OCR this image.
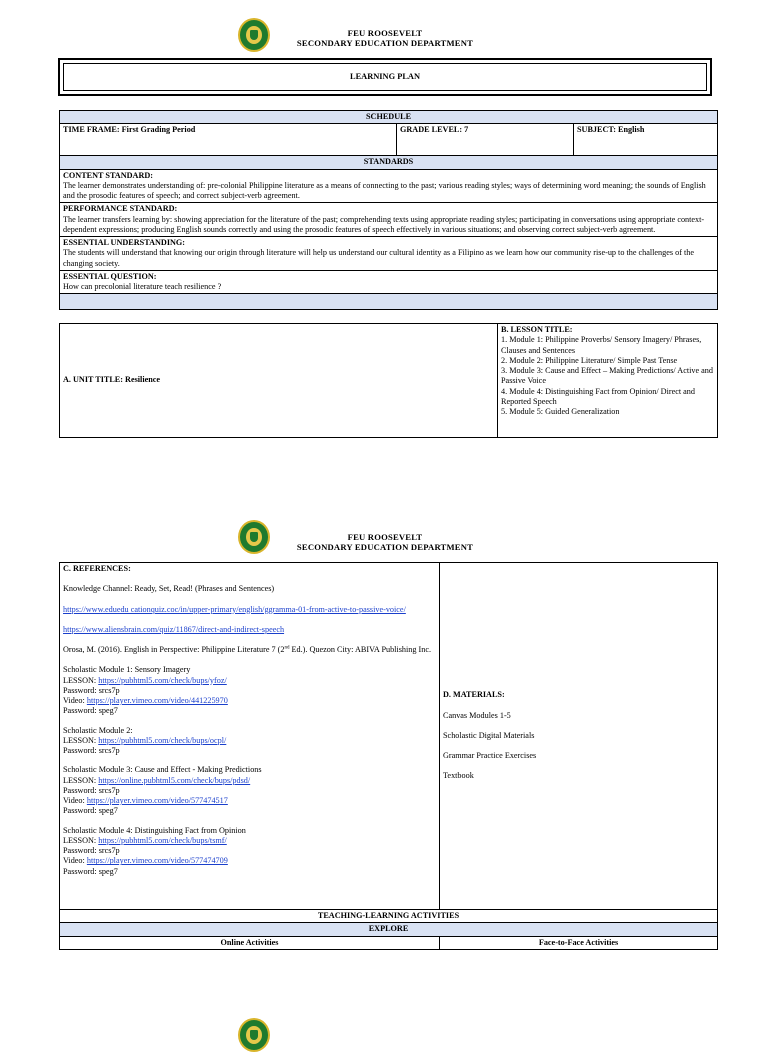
FEU ROOSEVELT
SECONDARY EDUCATION DEPARTMENT
LEARNING PLAN
SCHEDULE
TIME FRAME: First Grading Period	GRADE LEVEL: 7	SUBJECT: English
STANDARDS
CONTENT STANDARD:
The learner demonstrates understanding of: pre-colonial Philippine literature as a means of connecting to the past; various reading styles; ways of determining word meaning; the sounds of English and the prosodic features of speech; and correct subject-verb agreement.
PERFORMANCE STANDARD:
The learner transfers learning by: showing appreciation for the literature of the past; comprehending texts using appropriate reading styles; participating in conversations using appropriate context-dependent expressions; producing English sounds correctly and using the prosodic features of speech effectively in various situations; and observing correct subject-verb agreement.
ESSENTIAL UNDERSTANDING:
The students will understand that knowing our origin through literature will help us understand our cultural identity as a Filipino as we learn how our community rise-up to the challenges of the changing society.
ESSENTIAL QUESTION:
How can precolonial literature teach resilience ?

A. UNIT TITLE: Resilience	B. LESSON TITLE:
1. Module 1: Philippine Proverbs/ Sensory Imagery/ Phrases, Clauses and Sentences
2. Module 2: Philippine Literature/ Simple Past Tense
3. Module 3: Cause and Effect – Making Predictions/ Active and Passive Voice
4. Module 4: Distinguishing Fact from Opinion/ Direct and Reported Speech
5. Module 5: Guided Generalization
FEU ROOSEVELT
SECONDARY EDUCATION DEPARTMENT

C. REFERENCES:

Knowledge Channel: Ready, Set, Read! (Phrases and Sentences)

https://www.eduedu cationquiz.coc/in/upper-primary/english/ggramma-01-from-active-to-passive-voice/

https://www.aliensbrain.com/quiz/11867/direct-and-indirect-speech

Orosa, M. (2016). English in Perspective: Philippine Literature 7 (2nd Ed.). Quezon City: ABIVA Publishing Inc.

Scholastic Module 1: Sensory Imagery

LESSON: https://pubhtml5.com/check/bups/yfoz/

Password: srcs7p

Video: https://player.vimeo.com/video/441225970

Password: speg7

Scholastic Module 2:

LESSON: https://pubhtml5.com/check/bups/ocpl/

Password: srcs7p

Scholastic Module 3: Cause and Effect - Making Predictions

LESSON: https://online.pubhtml5.com/check/bups/pdsd/

Password: srcs7p

Video: https://player.vimeo.com/video/577474517

Password: speg7

Scholastic Module 4: Distinguishing Fact from Opinion

LESSON: https://pubhtml5.com/check/bups/tsmf/

Password: srcs7p

Video: https://player.vimeo.com/video/577474709

Password: speg7

D. MATERIALS:

Canvas Modules 1-5

Scholastic Digital Materials

Grammar Practice Exercises

Textbook

TEACHING-LEARNING ACTIVITIES
EXPLORE
Online Activities	Face-to-Face Activities
